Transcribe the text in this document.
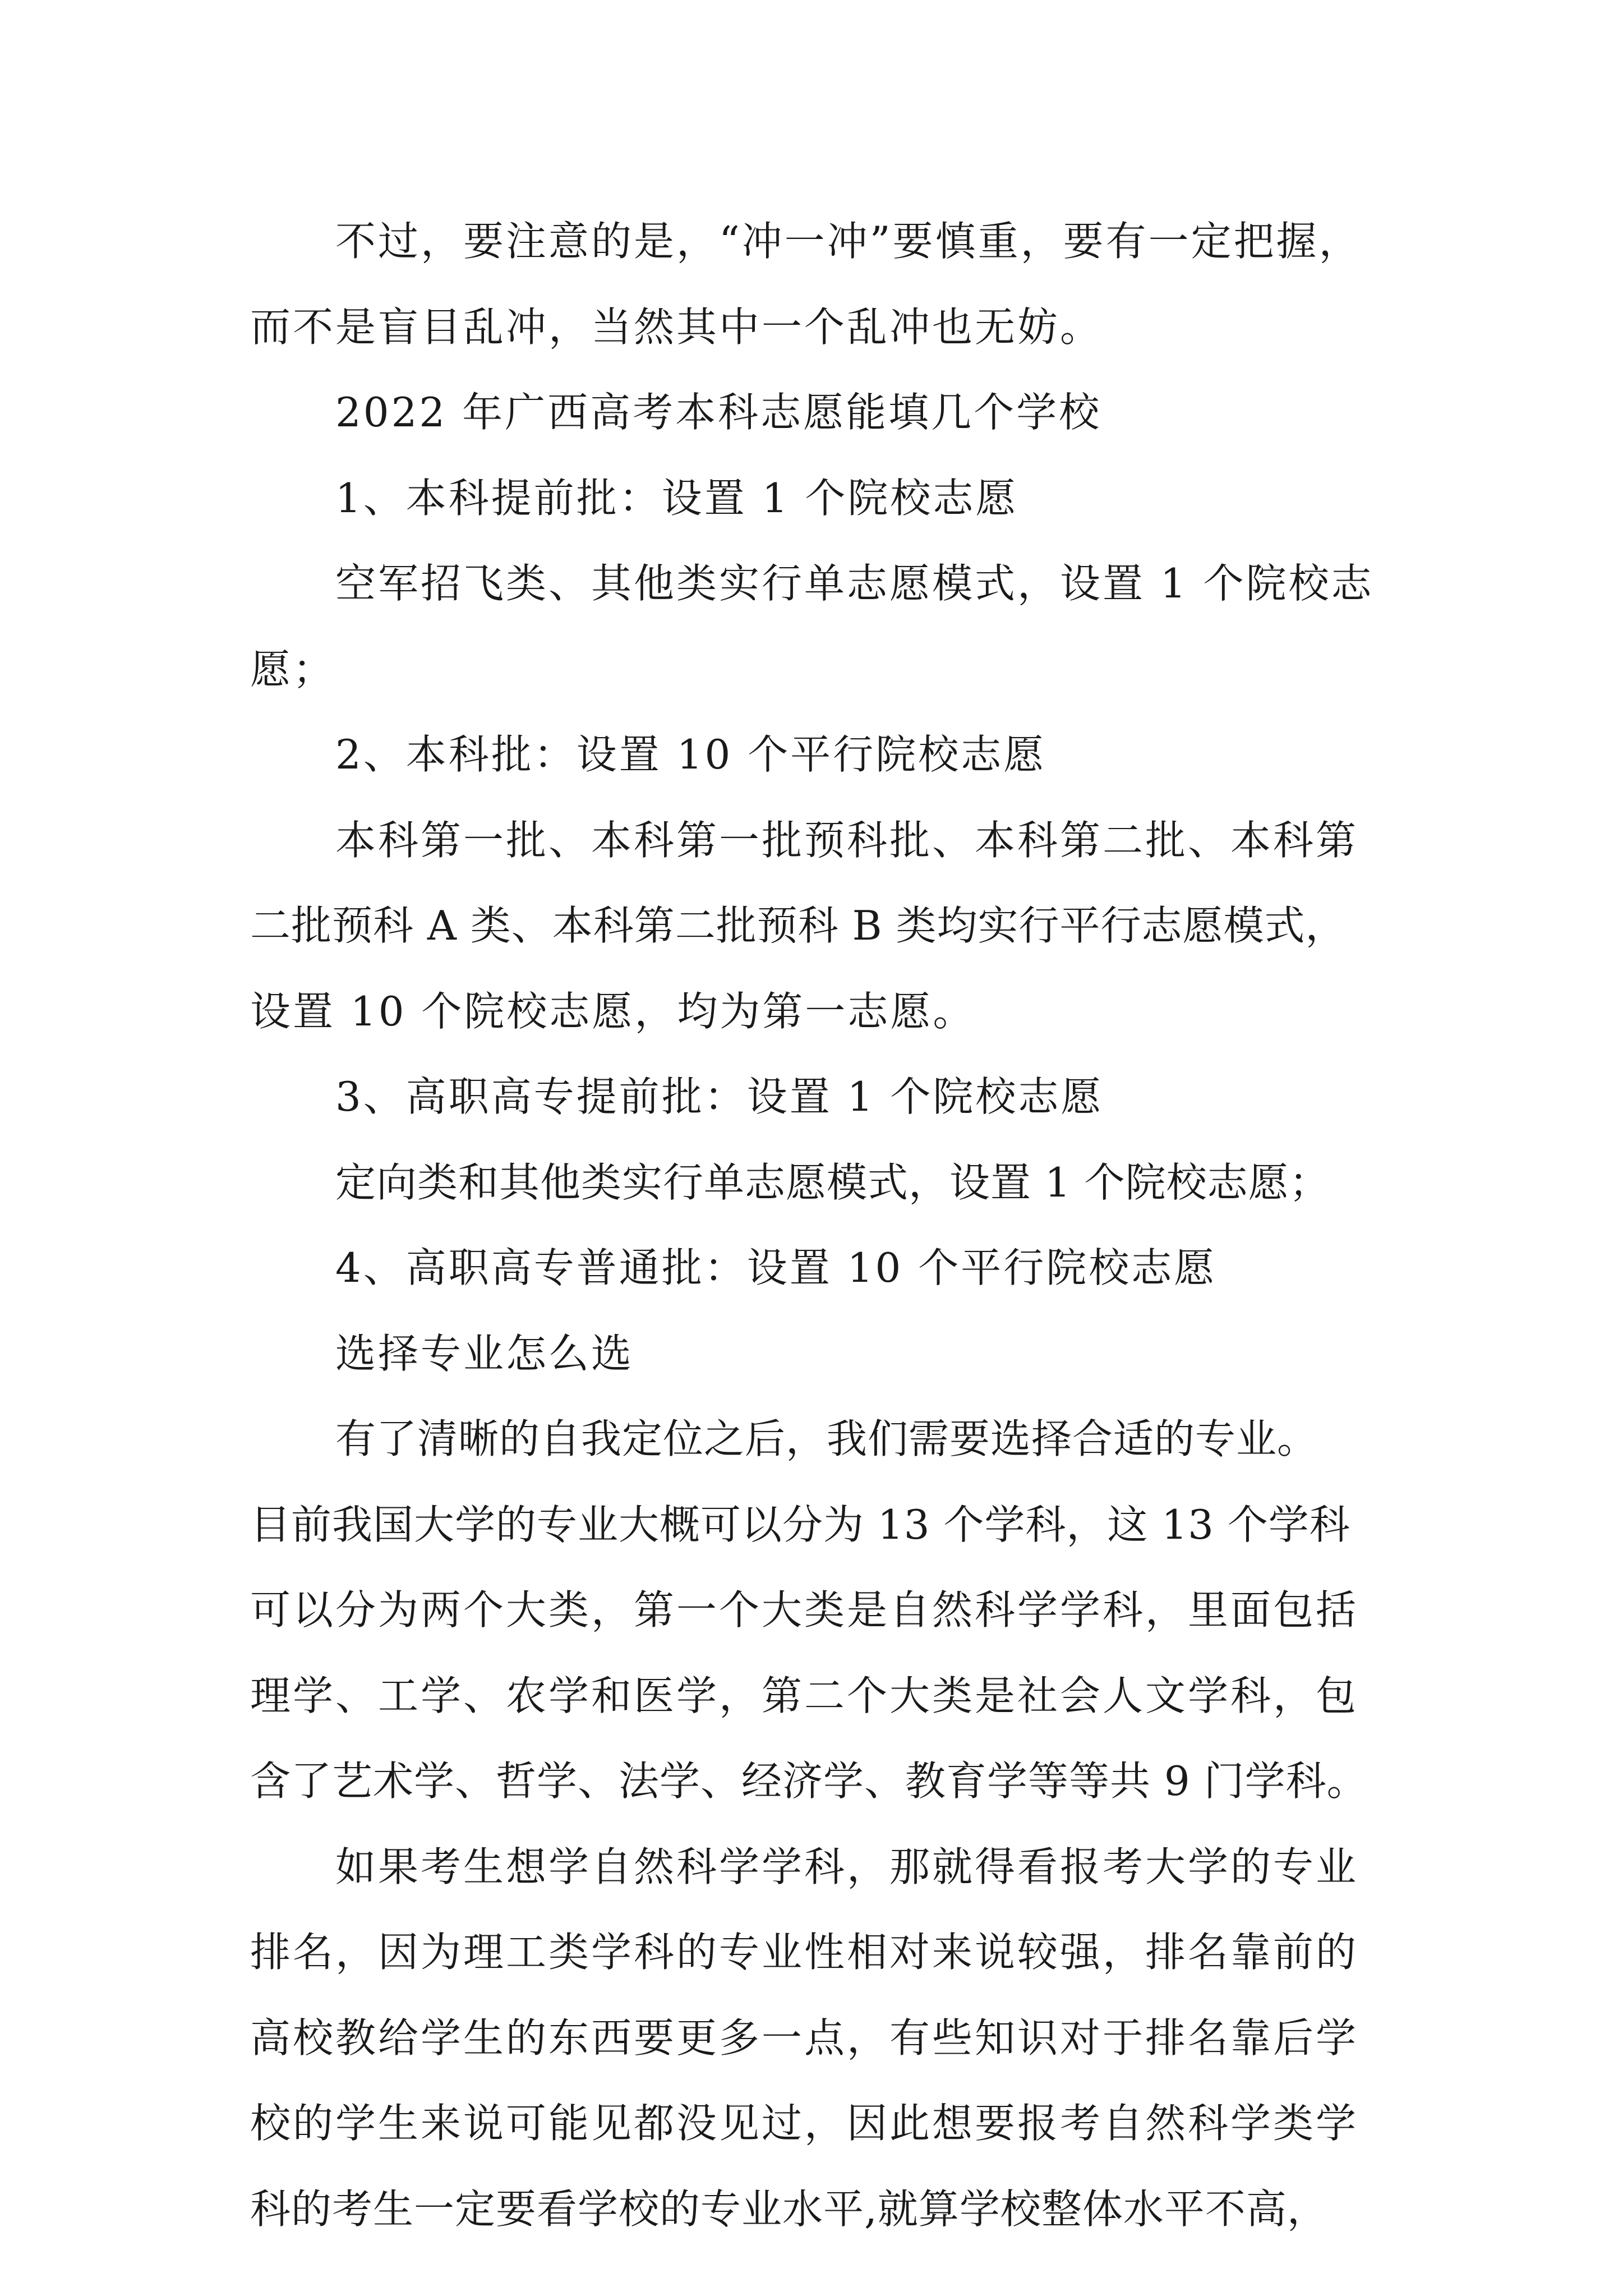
不过，要注意的是，“冲一冲”要慎重，要有一定把握，
而不是盲目乱冲，当然其中一个乱冲也无妨。
2022 年广西高考本科志愿能填几个学校
1、本科提前批：设置 1 个院校志愿
空军招飞类、其他类实行单志愿模式，设置 1 个院校志
愿；
2、本科批：设置 10 个平行院校志愿
本科第一批、本科第一批预科批、本科第二批、本科第
二批预科 A 类、本科第二批预科 B 类均实行平行志愿模式，
设置 10 个院校志愿，均为第一志愿。
3、高职高专提前批：设置 1 个院校志愿
定向类和其他类实行单志愿模式，设置 1 个院校志愿；
4、高职高专普通批：设置 10 个平行院校志愿
选择专业怎么选
有了清晰的自我定位之后，我们需要选择合适的专业。
目前我国大学的专业大概可以分为 13 个学科，这 13 个学科
可以分为两个大类，第一个大类是自然科学学科，里面包括
理学、工学、农学和医学，第二个大类是社会人文学科，包
含了艺术学、哲学、法学、经济学、教育学等等共 9 门学科。
如果考生想学自然科学学科，那就得看报考大学的专业
排名，因为理工类学科的专业性相对来说较强，排名靠前的
高校教给学生的东西要更多一点，有些知识对于排名靠后学
校的学生来说可能见都没见过，因此想要报考自然科学类学
科的考生一定要看学校的专业水平,就算学校整体水平不高，
